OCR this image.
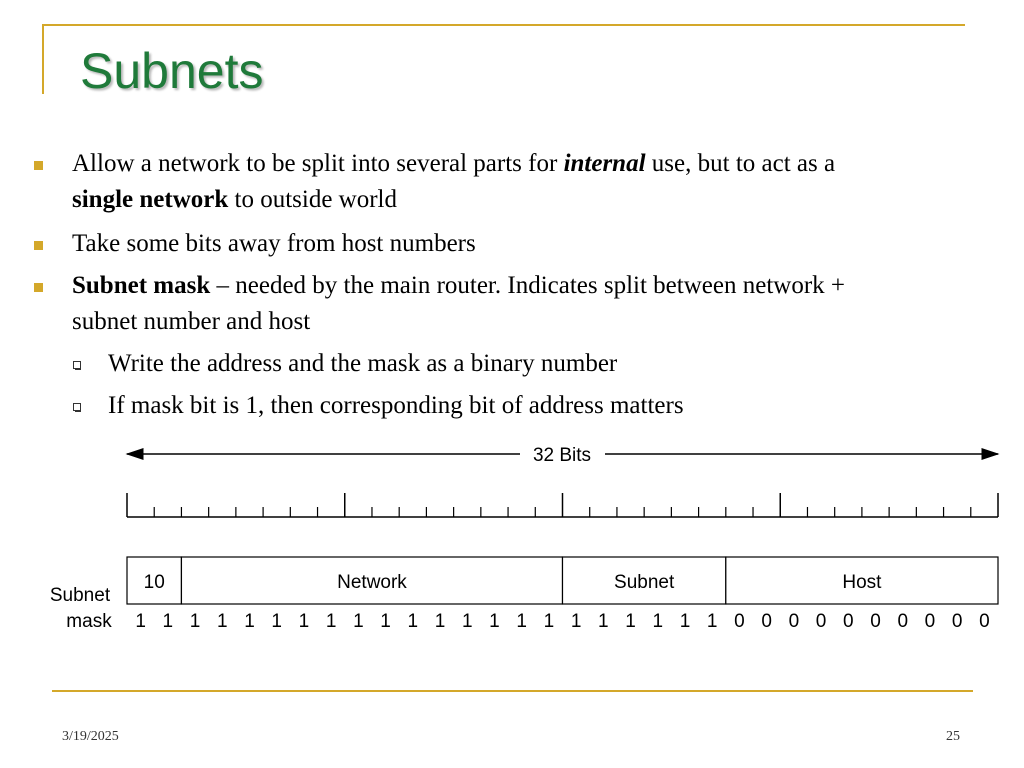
Subnets
Allow a network to be split into several parts for internal use, but to act as a
single network to outside world
Take some bits away from host numbers
Subnet mask – needed by the main router. Indicates split between network +
subnet number and host
Write the address and the mask as a binary number
If mask bit is 1, then corresponding bit of address matters
32 Bits
10	Network	Subnet	Host
Subnet
mask 1 1 1 1 1 1 1 1 1 1 1 1 1 1 1 1 1 1 1 1 1 1 0 0 0 0 0 0 0 0 0 0
3/19/2025	25
